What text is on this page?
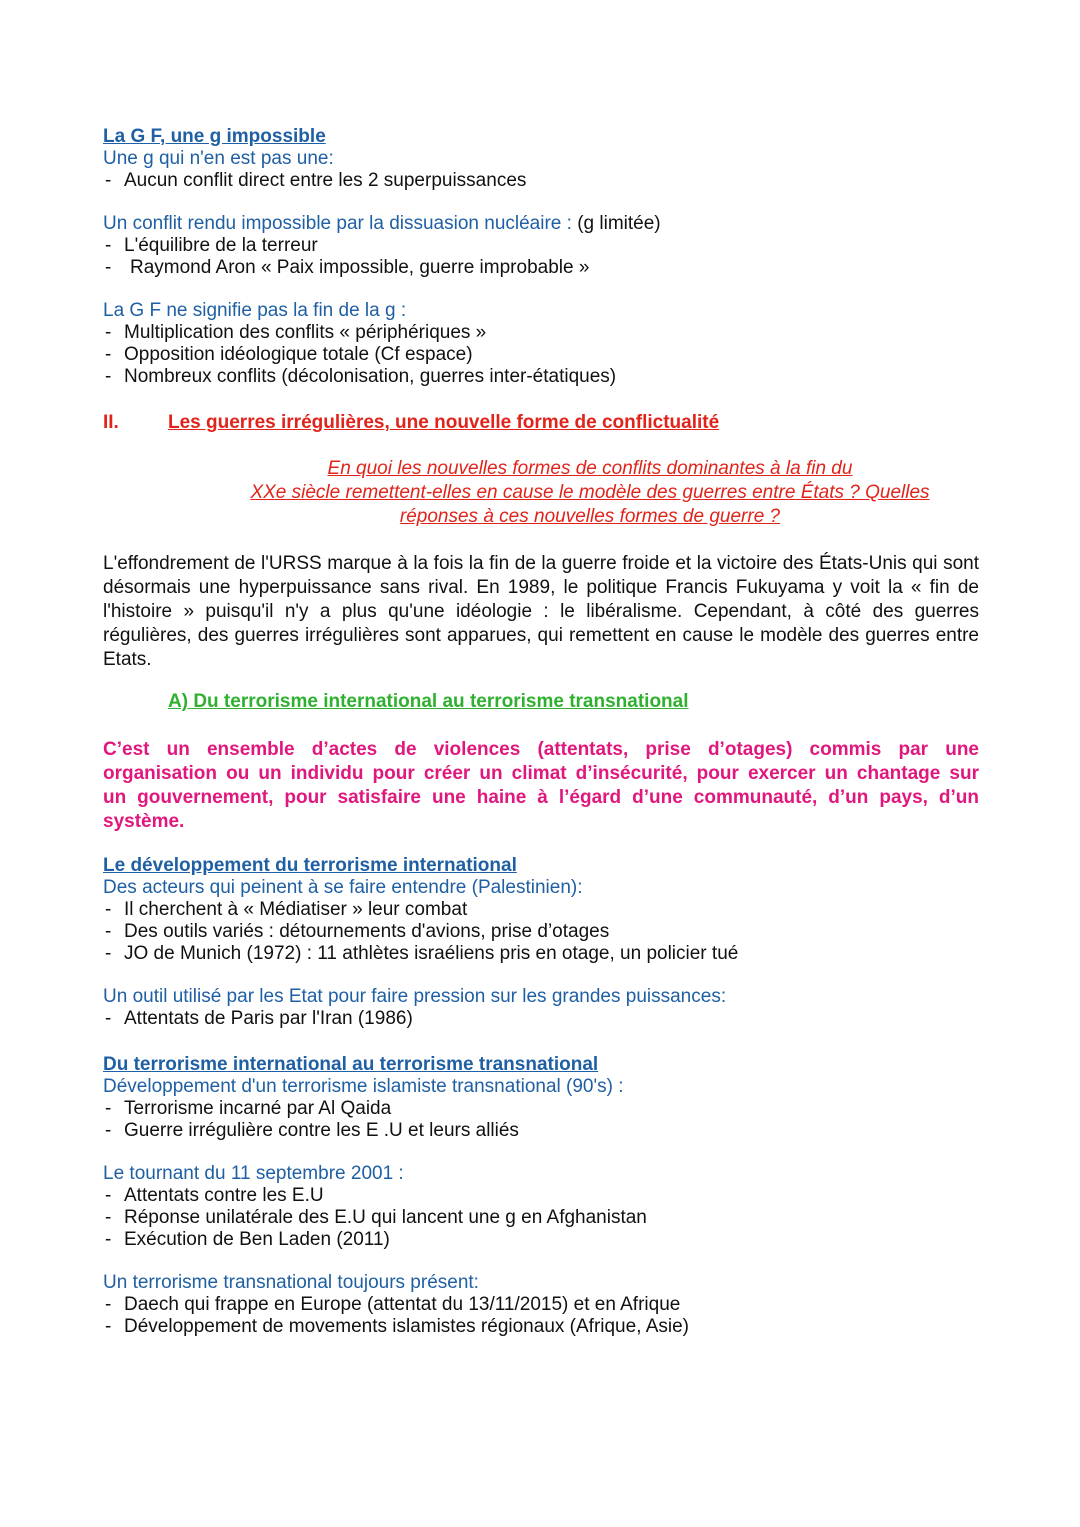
La G F, une g impossible
Une g qui n'en est pas une:
- Aucun conflit direct entre les 2 superpuissances
Un conflit rendu impossible par la dissuasion nucléaire : (g limitée)
- L'équilibre de la terreur
- Raymond Aron « Paix impossible, guerre improbable »
La G F ne signifie pas la fin de la g :
- Multiplication des conflits « périphériques »
- Opposition idéologique totale (Cf espace)
- Nombreux conflits (décolonisation, guerres inter-étatiques)
II.	Les guerres irrégulières, une nouvelle forme de conflictualité
En quoi les nouvelles formes de conflits dominantes à la fin du
XXe siècle remettent-elles en cause le modèle des guerres entre États ? Quelles
réponses à ces nouvelles formes de guerre ?
L'effondrement de l'URSS marque à la fois la fin de la guerre froide et la victoire des États-Unis qui sont désormais une hyperpuissance sans rival. En 1989, le politique Francis Fukuyama y voit la « fin de l'histoire » puisqu'il n'y a plus qu'une idéologie : le libéralisme. Cependant, à côté des guerres régulières, des guerres irrégulières sont apparues, qui remettent en cause le modèle des guerres entre Etats.
A) Du terrorisme international au terrorisme transnational
C’est un ensemble d’actes de violences (attentats, prise d’otages) commis par une organisation ou un individu pour créer un climat d’insécurité, pour exercer un chantage sur un gouvernement, pour satisfaire une haine à l’égard d’une communauté, d’un pays, d’un système.
Le développement du terrorisme international
Des acteurs qui peinent à se faire entendre (Palestinien):
- Il cherchent à « Médiatiser » leur combat
- Des outils variés : détournements d'avions, prise d’otages
- JO de Munich (1972) : 11 athlètes israéliens pris en otage, un policier tué
Un outil utilisé par les Etat pour faire pression sur les grandes puissances:
- Attentats de Paris par l'Iran (1986)
Du terrorisme international au terrorisme transnational
Développement d'un terrorisme islamiste transnational (90's) :
- Terrorisme incarné par Al Qaida
- Guerre irrégulière contre les E .U et leurs alliés
Le tournant du 11 septembre 2001 :
- Attentats contre les E.U
- Réponse unilatérale des E.U qui lancent une g en Afghanistan
- Exécution de Ben Laden (2011)
Un terrorisme transnational toujours présent:
- Daech qui frappe en Europe (attentat du 13/11/2015) et en Afrique
- Développement de movements islamistes régionaux (Afrique, Asie)
